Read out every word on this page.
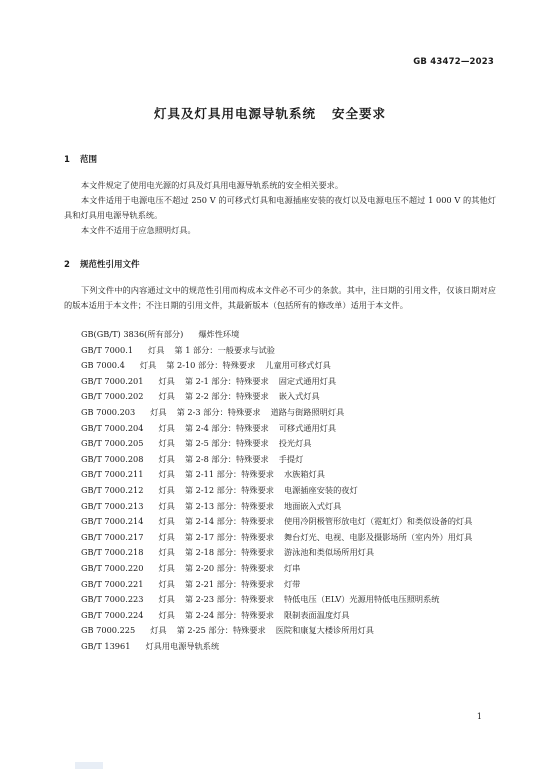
GB 43472—2023
灯具及灯具用电源导轨系统   安全要求
1 范围

本文件规定了使用电光源的灯具及灯具用电源导轨系统的安全相关要求。

本文件适用于电源电压不超过 250 V 的可移式灯具和电源插座安装的夜灯以及电源电压不超过 1 000 V 的其他灯具和灯具用电源导轨系统。

本文件不适用于应急照明灯具。

2 规范性引用文件

下列文件中的内容通过文中的规范性引用而构成本文件必不可少的条款。其中，注日期的引用文件，仅该日期对应的版本适用于本文件；不注日期的引用文件，其最新版本（包括所有的修改单）适用于本文件。

GB(GB/T) 3836(所有部分) 爆炸性环境
GB/T 7000.1 灯具 第 1 部分：一般要求与试验
GB 7000.4 灯具 第 2-10 部分：特殊要求 儿童用可移式灯具
GB/T 7000.201 灯具 第 2-1 部分：特殊要求 固定式通用灯具
GB/T 7000.202 灯具 第 2-2 部分：特殊要求 嵌入式灯具
GB 7000.203 灯具 第 2-3 部分：特殊要求 道路与街路照明灯具
GB/T 7000.204 灯具 第 2-4 部分：特殊要求 可移式通用灯具
GB/T 7000.205 灯具 第 2-5 部分：特殊要求 投光灯具
GB/T 7000.208 灯具 第 2-8 部分：特殊要求 手提灯
GB/T 7000.211 灯具 第 2-11 部分：特殊要求 水族箱灯具
GB/T 7000.212 灯具 第 2-12 部分：特殊要求 电源插座安装的夜灯
GB/T 7000.213 灯具 第 2-13 部分：特殊要求 地面嵌入式灯具
GB/T 7000.214 灯具 第 2-14 部分：特殊要求 使用冷阴极管形放电灯（霓虹灯）和类似设备的灯具
GB/T 7000.217 灯具 第 2-17 部分：特殊要求 舞台灯光、电视、电影及摄影场所（室内外）用灯具
GB/T 7000.218 灯具 第 2-18 部分：特殊要求 游泳池和类似场所用灯具
GB/T 7000.220 灯具 第 2-20 部分：特殊要求 灯串
GB/T 7000.221 灯具 第 2-21 部分：特殊要求 灯带
GB/T 7000.223 灯具 第 2-23 部分：特殊要求 特低电压（ELV）光源用特低电压照明系统
GB/T 7000.224 灯具 第 2-24 部分：特殊要求 限制表面温度灯具
GB 7000.225 灯具 第 2-25 部分：特殊要求 医院和康复大楼诊所用灯具
GB/T 13961 灯具用电源导轨系统
1
